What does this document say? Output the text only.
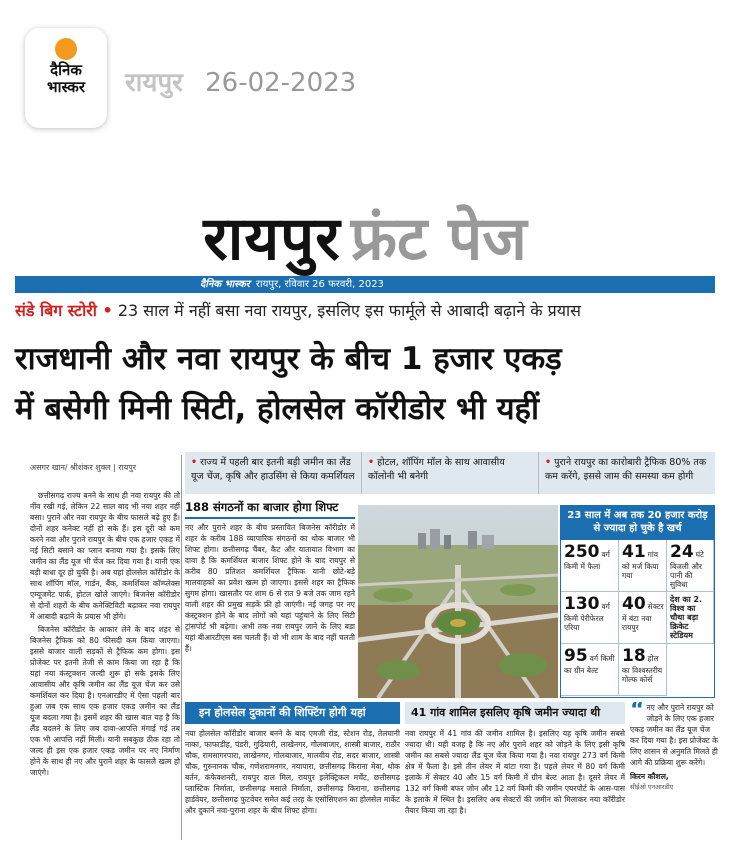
दैनिक
भास्कर	रायपुर 26-02-2023
रायपुर फ्रंट पेज
दैनिक भास्कर रायपुर, रविवार 26 फरवरी, 2023
संडे बिग स्टोरी • 23 साल में नहीं बसा नवा रायपुर, इसलिए इस फार्मूले से आबादी बढ़ाने के प्रयास
राजधानी और नवा रायपुर के बीच 1 हजार एकड़
में बसेगी मिनी सिटी, होलसेल कॉरीडोर भी यहीं
• राज्य में पहली बार इतनी बड़ी जमीन का लैंड यूज चेंज, कृषि और हाउसिंग से किया कमर्शियल
• होटल, शॉपिंग मॉल के साथ आवासीय कॉलोनी भी बनेगी
• पुराने रायपुर का कारोबारी ट्रैफिक 80% तक कम करेंगे, इससे जाम की समस्या कम होगी
असगर खान/ श्रीशंकर शुक्ल | रायपुर

छत्तीसगढ़ राज्य बनने के साथ ही नवा रायपुर की तो नींव रखी गई, लेकिन 22 साल बाद भी नया शहर नहीं बसा। पुराने और नवा रायपुर के बीच फासले बढ़े हुए हैं। दोनों शहर कनेक्ट नहीं हो सके हैं। इस दूरी को कम करने नवा और पुराने रायपुर के बीच एक हजार एकड़ में नई सिटी बसाने का प्लान बनाया गया है। इसके लिए जमीन का लैंड यूज भी चेंज कर दिया गया है। यानी एक बड़ी बाधा दूर हो चुकी है। अब यहां होलसेल कॉरीडोर के साथ शॉपिंग मॉल, गार्डन, बैंक, कमर्शियल कॉम्प्लेक्स एम्यूजमेंट पार्क, होटल खोले जाएंगे। बिजनेस कॉरीडोर से दोनों शहरों के बीच कनेक्टिविटी बढ़ाकर नवा रायपुर में आबादी बढ़ाने के प्रयास भी होंगे।

बिजनेस कॉरीडोर के आकार लेने के बाद शहर से बिजनेस ट्रैफिक को 80 फीसदी कम किया जाएगा। इससे बाजार वाली सड़कों से ट्रैफिक कम होगा। इस प्रोजेक्ट पर इतनी तेजी से काम किया जा रहा है कि यहां नया कंस्ट्रक्शन जल्दी शुरू हो सके इसके लिए आवासीय और कृषि जमीन का लैंड यूज चेंज कर उसे कमर्शियल कर दिया है। एनआरडीए में ऐसा पहली बार हुआ जब एक साथ एक हजार एकड़ जमीन का लैंड यूज बदला गया है। इसमें शहर की खास बात यह है कि लैंड बदलने के लिए जब दावा-आपत्ति मंगाई गई तब एक भी आपत्ति नहीं मिली। यानी सबकुछ ठीक रहा तो जल्द ही इस एक हजार एकड़ जमीन पर नए निर्माण होने के साथ ही नए और पुराने शहर के फासले खत्म हो जाएंगे।

188 संगठनों का बाजार होगा शिफ्ट
नए और पुराने शहर के बीच प्रस्तावित बिजनेस कॉरीडोर में शहर के करीब 188 व्यापारिक संगठनों का थोक बाजार भी शिफ्ट होगा। छत्तीसगढ़ चैंबर, कैट और यातायात विभाग का दावा है कि कमर्शियल बाजार शिफ्ट होने के बाद रायपुर से करीब 80 प्रतिशत कमर्शियल ट्रैफिक यानी छोटे-बड़े मालवाहकों का प्रवेश खत्म हो जाएगा। इससे शहर का ट्रैफिक सुगम होगा। खासतौर पर शाम 6 से रात 9 बजे तक जाम रहने वाली शहर की प्रमुख सड़कें फ्री हो जाएंगी। नई जगह पर नए कंस्ट्रक्शन होने के बाद लोगों को यहां पहुंचाने के लिए सिटी ट्रांसपोर्ट भी बढ़ेगा। अभी तक नवा रायपुर जाने के लिए बड़ा यहां बीआरटीएस बस चलती हैं। वो भी शाम के बाद नहीं चलती हैं।
23 साल में अब तक 20 हजार करोड़ से ज्यादा हो चुके है खर्च
250 वर्ग किमी में फैला
41 गांव को मर्ज किया गया
24 घंटे बिजली और पानी की सुविधा
130 वर्ग किमी पेरीफेरल एरिया
40 सेक्टर में बंटा नवा रायपुर
देश का 2. विश्व का चौथा बड़ा क्रिकेट स्टेडियम
95 वर्ग किमी का ग्रीन बेल्ट
18 होल का विश्वस्तरीय गोल्फ कोर्स
इन होलसेल दुकानों की शिफ्टिंग होगी यहां
नया होलसेल कॉरीडोर बाजार बनने के बाद एमजी रोड, स्टेशन रोड, तेलघानी नाका, फाफाडीह, पंडरी, गुढ़ियारी, लाखेनगर, गोलबाजार, शास्त्री बाजार, राठौर चौक, रामसागरपारा, लाखेनगर, गोलबाजार, मालवीय रोड, सदर बाजार, शास्त्री चौक, गुरुनानक चौक, गणेशरामनगर, नयापारा, छत्तीसगढ़ किराना मेवा, थोक बर्तन, कंफेक्शनरी, रायपुर दाल मिल, रायपुर इलेक्ट्रिकल मर्चेंट, छत्तीसगढ़ प्लास्टिक निर्माता, छत्तीसगढ़ मसाले निर्माता, छत्तीसगढ़ किराना, छत्तीसगढ़ हार्डवेयर, छत्तीसगढ़ फुटवेयर समेत कई तरह के एसोसिएशन का होलसेल मार्केट और दुकानें नवा-पुराना शहर के बीच शिफ्ट होगा।
41 गांव शामिल इसलिए कृषि जमीन ज्यादा थी
नवा रायपुर में 41 गांव की जमीन शामिल है। इसलिए यह कृषि जमीन सबसे ज्यादा थी। यही वजह है कि नए और पुराने शहर को जोड़ने के लिए इसी कृषि जमीन का सबसे ज्यादा लैंड यूज चेंज किया गया है। नवा रायपुर 273 वर्ग किमी क्षेत्र में फैला है। इसे तीन लेयर में बांटा गया है। पहले लेयर में 80 वर्ग किमी इलाके में सेक्टर 40 और 15 वर्ग किमी में ग्रीन बेल्ट आता है। दूसरे लेयर में 132 वर्ग किमी बफर जोन और 12 वर्ग किमी की जमीन एयरपोर्ट के आस-पास के इलाके में स्थित है। इसलिए अब सेक्टरों की जमीन को मिलाकर नया कॉरीडोर तैयार किया जा रहा है।
“ नए और पुराने रायपुर को जोड़ने के लिए एक हजार एकड़ जमीन का लैंड यूज चेंज कर दिया गया है। इस प्रोजेक्ट के लिए शासन से अनुमति मिलते ही आगे की प्रक्रिया शुरू करेंगे।
किरन कौशल,
सीईओ एनआरडीए
